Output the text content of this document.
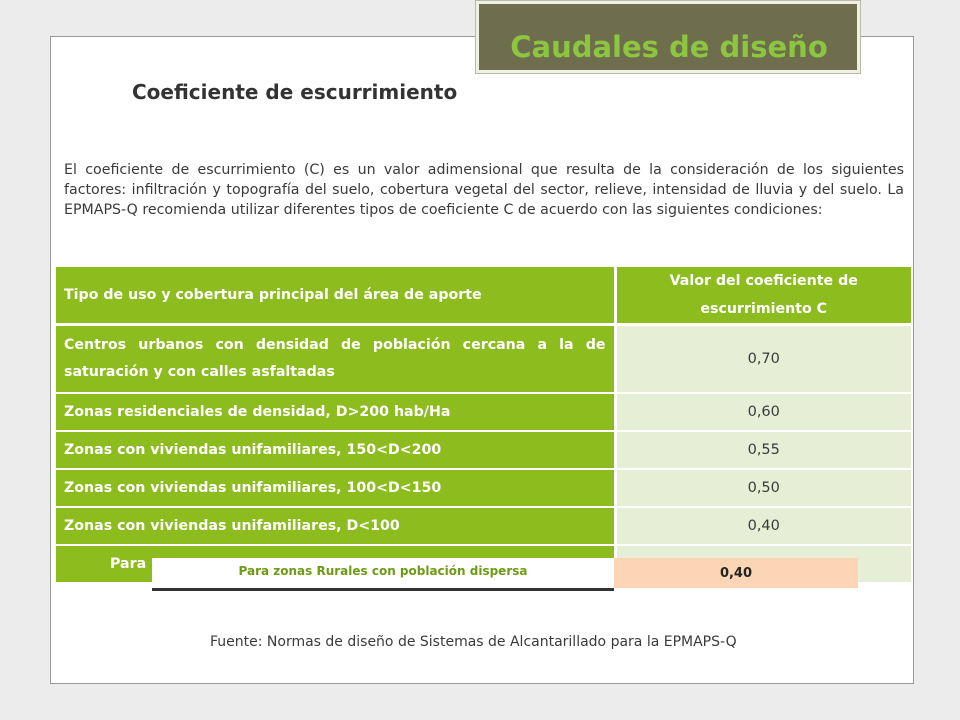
Caudales de diseño
Coeficiente de escurrimiento
El coeficiente de escurrimiento (C) es un valor adimensional que resulta de la consideración de los siguientes factores: infiltración y topografía del suelo, cobertura vegetal del sector, relieve, intensidad de lluvia y del suelo. La EPMAPS-Q recomienda utilizar diferentes tipos de coeficiente C de acuerdo con las siguientes condiciones:
Tipo de uso y cobertura principal del área de aporte	Valor del coeficiente de escurrimiento C
Centros urbanos con densidad de población cercana a la de saturación y con calles asfaltadas	0,70
Zonas residenciales de densidad, D>200 hab/Ha	0,60
Zonas con viviendas unifamiliares, 150<D<200	0,55
Zonas con viviendas unifamiliares, 100<D<150	0,50
Zonas con viviendas unifamiliares, D<100	0,40
Para		Para zonas Rurales con población dispersa	0,40
Fuente: Normas de diseño de Sistemas de Alcantarillado para la EPMAPS-Q
